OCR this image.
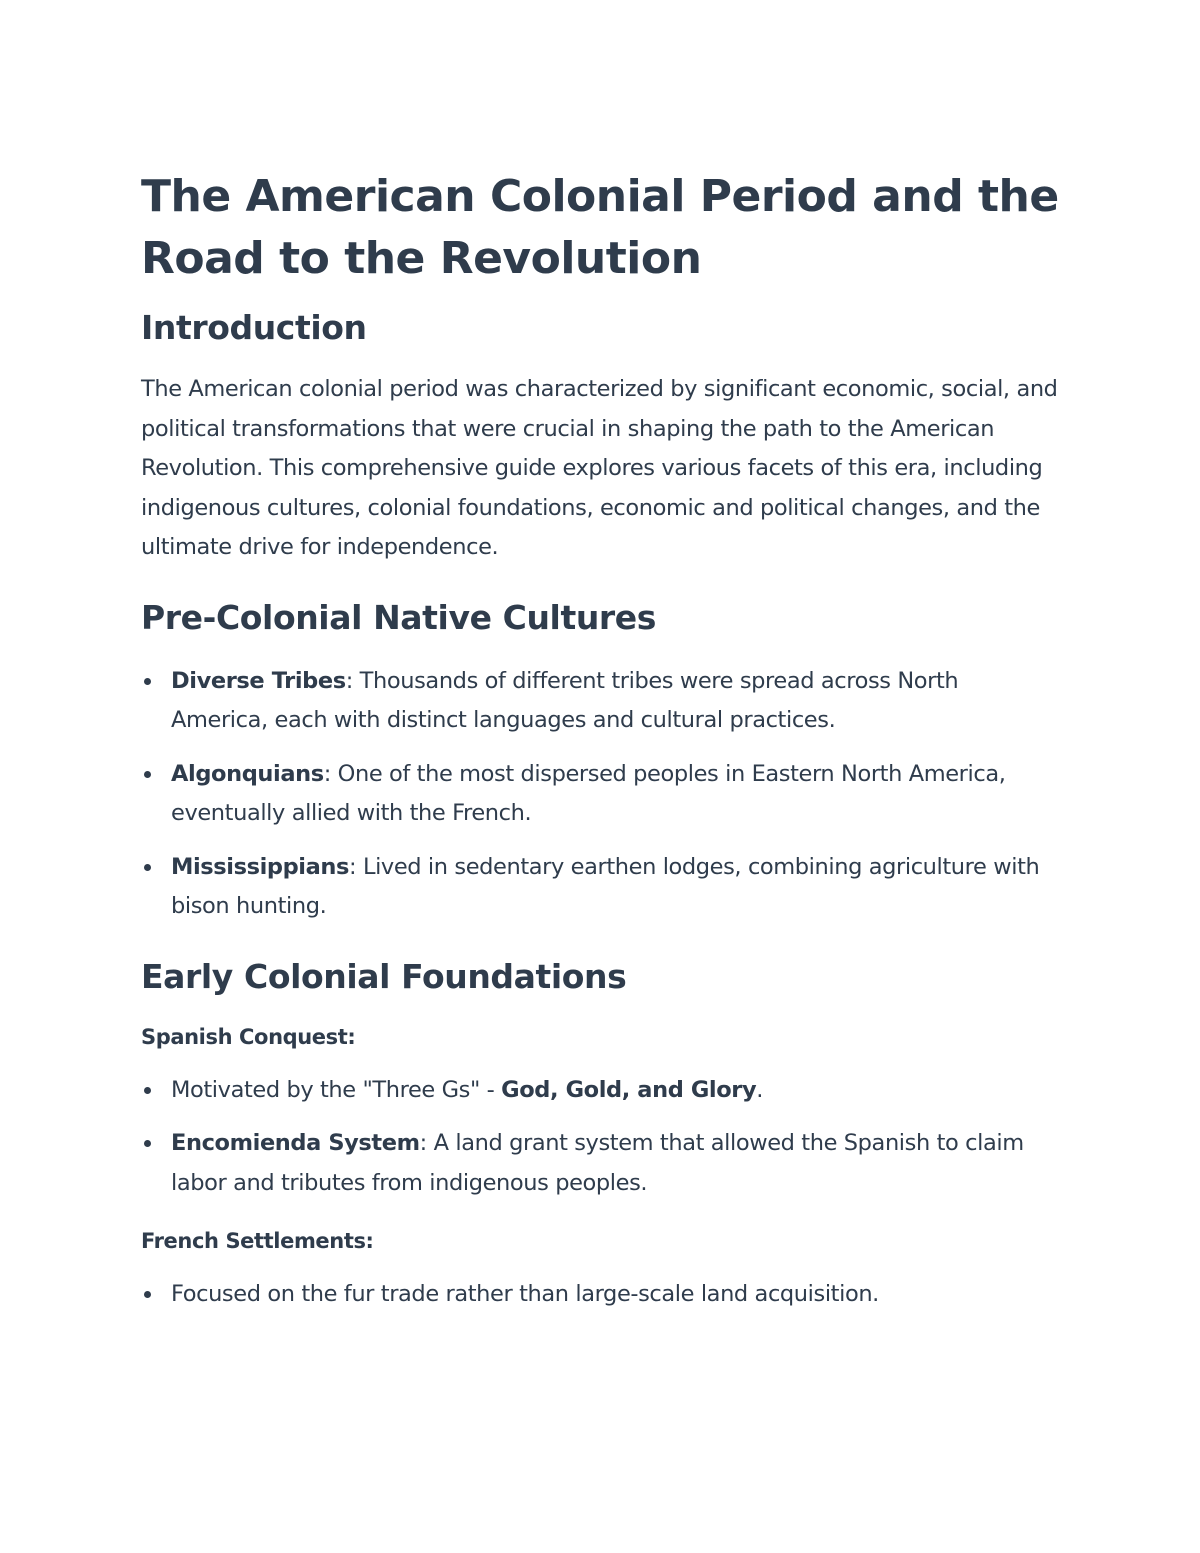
The American Colonial Period and the Road to the Revolution
Introduction

The American colonial period was characterized by significant economic, social, and political transformations that were crucial in shaping the path to the American Revolution. This comprehensive guide explores various facets of this era, including indigenous cultures, colonial foundations, economic and political changes, and the ultimate drive for independence.

Pre-Colonial Native Cultures
Diverse Tribes: Thousands of different tribes were spread across North America, each with distinct languages and cultural practices.
Algonquians: One of the most dispersed peoples in Eastern North America, eventually allied with the French.
Mississippians: Lived in sedentary earthen lodges, combining agriculture with bison hunting.
Early Colonial Foundations

Spanish Conquest:

Motivated by the "Three Gs" - God, Gold, and Glory.
Encomienda System: A land grant system that allowed the Spanish to claim labor and tributes from indigenous peoples.

French Settlements:

Focused on the fur trade rather than large-scale land acquisition.
